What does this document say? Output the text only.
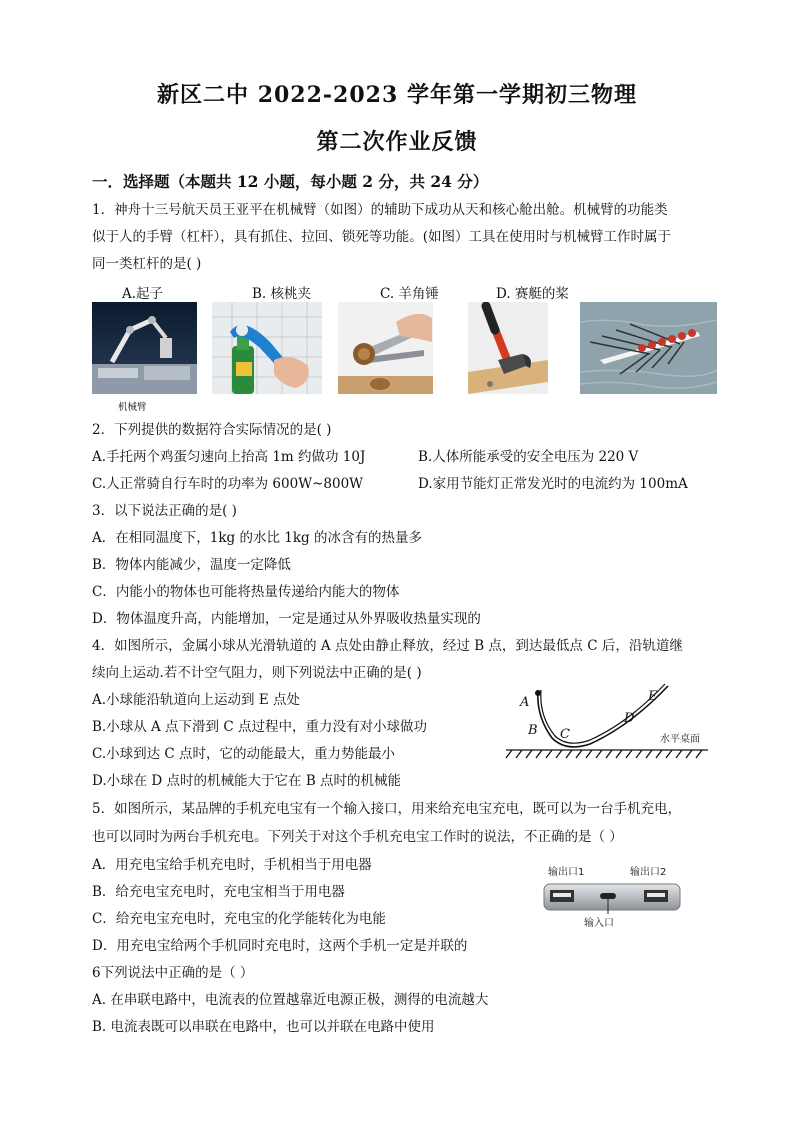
新区二中 2022-2023 学年第一学期初三物理
第二次作业反馈
一．选择题（本题共 12 小题，每小题 2 分，共 24 分）
1．神舟十三号航天员王亚平在机械臂（如图）的辅助下成功从天和核心舱出舱。机械臂的功能类
似于人的手臂（杠杆），具有抓住、拉回、锁死等功能。(如图）工具在使用时与机械臂工作时属于
同一类杠杆的是( )
A.起子	B. 核桃夹	C. 羊角锤	D. 赛艇的桨
机械臂
2．下列提供的数据符合实际情况的是( )
A.手托两个鸡蛋匀速向上抬高 1m 约做功 10J	B.人体所能承受的安全电压为 220 V
C.人正常骑自行车时的功率为 600W~800W	D.家用节能灯正常发光时的电流约为 100mA
3．以下说法正确的是( )
A．在相同温度下，1kg 的水比 1kg 的冰含有的热量多
B．物体内能减少，温度一定降低
C．内能小的物体也可能将热量传递给内能大的物体
D．物体温度升高，内能增加，一定是通过从外界吸收热量实现的
4．如图所示，金属小球从光滑轨道的 A 点处由静止释放，经过 B 点，到达最低点 C 后，沿轨道继
续向上运动.若不计空气阻力，则下列说法中正确的是( )
A.小球能沿轨道向上运动到 E 点处
B.小球从 A 点下滑到 C 点过程中，重力没有对小球做功
C.小球到达 C 点时，它的动能最大，重力势能最小
D.小球在 D 点时的机械能大于它在 B 点时的机械能
A
B C
D
E
水平桌面
5．如图所示，某品牌的手机充电宝有一个输入接口，用来给充电宝充电，既可以为一台手机充电，
也可以同时为两台手机充电。下列关于对这个手机充电宝工作时的说法，不正确的是（ ）
A．用充电宝给手机充电时，手机相当于用电器
B．给充电宝充电时，充电宝相当于用电器
C．给充电宝充电时，充电宝的化学能转化为电能
D．用充电宝给两个手机同时充电时，这两个手机一定是并联的
输出口1	输出口2
输入口
6下列说法中正确的是（ ）
A. 在串联电路中，电流表的位置越靠近电源正极，测得的电流越大
B. 电流表既可以串联在电路中，也可以并联在电路中使用
